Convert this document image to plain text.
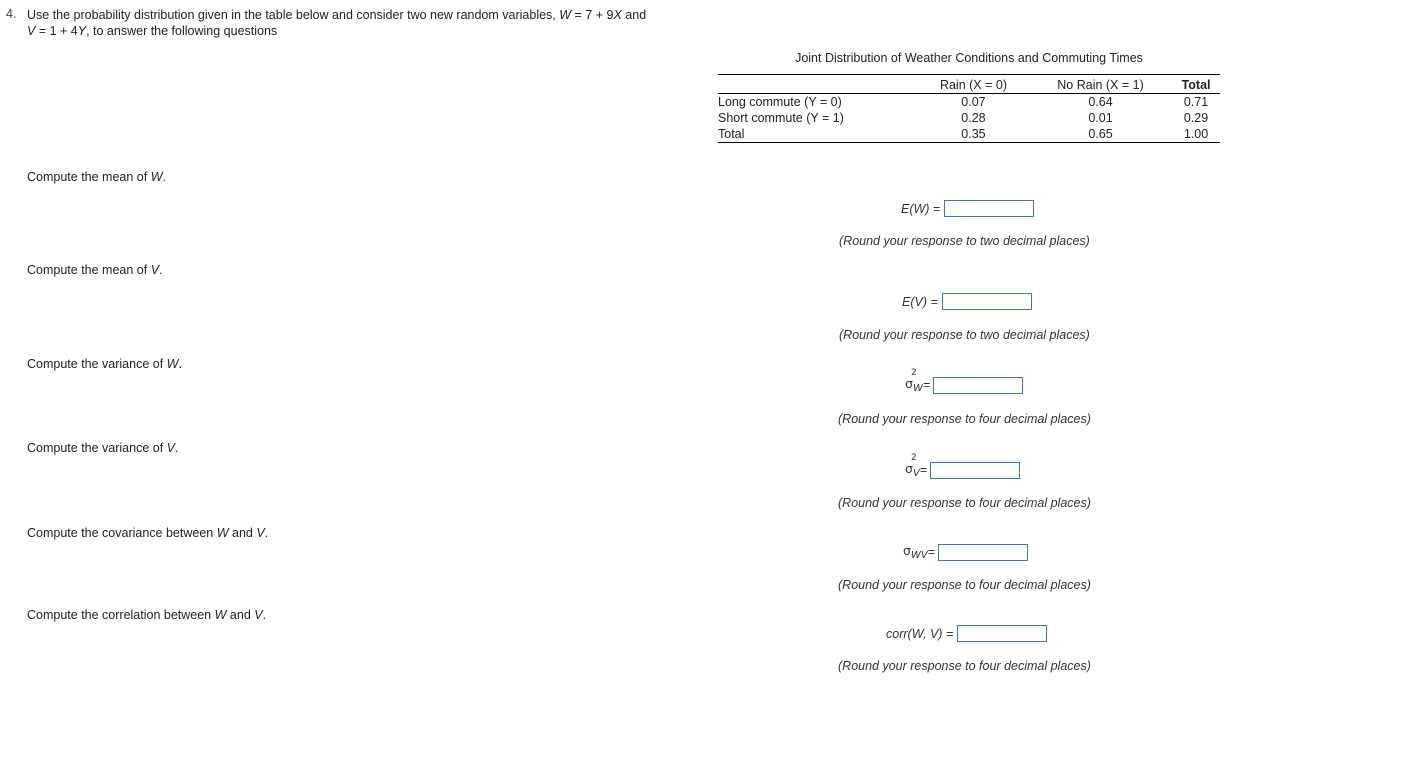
4. Use the probability distribution given in the table below and consider two new random variables, W = 7 + 9X and
V = 1 + 4Y, to answer the following questions
Joint Distribution of Weather Conditions and Commuting Times
	Rain (X = 0)	No Rain (X = 1)	Total
Long commute (Y = 0)	0.07	0.64	0.71
Short commute (Y = 1)	0.28	0.01	0.29
Total	0.35	0.65	1.00
Compute the mean of W.
E(W) =
(Round your response to two decimal places)
Compute the mean of V.
E(V) =
(Round your response to two decimal places)
Compute the variance of W.
σ
2
$_W$ =
(Round your response to four decimal places)
Compute the variance of V.
σ
2
$_V$ =
(Round your response to four decimal places)
Compute the covariance between W and V.
$\sigma_{WV}$ =
(Round your response to four decimal places)
Compute the correlation between W and V.
corr(W, V) =
(Round your response to four decimal places)
